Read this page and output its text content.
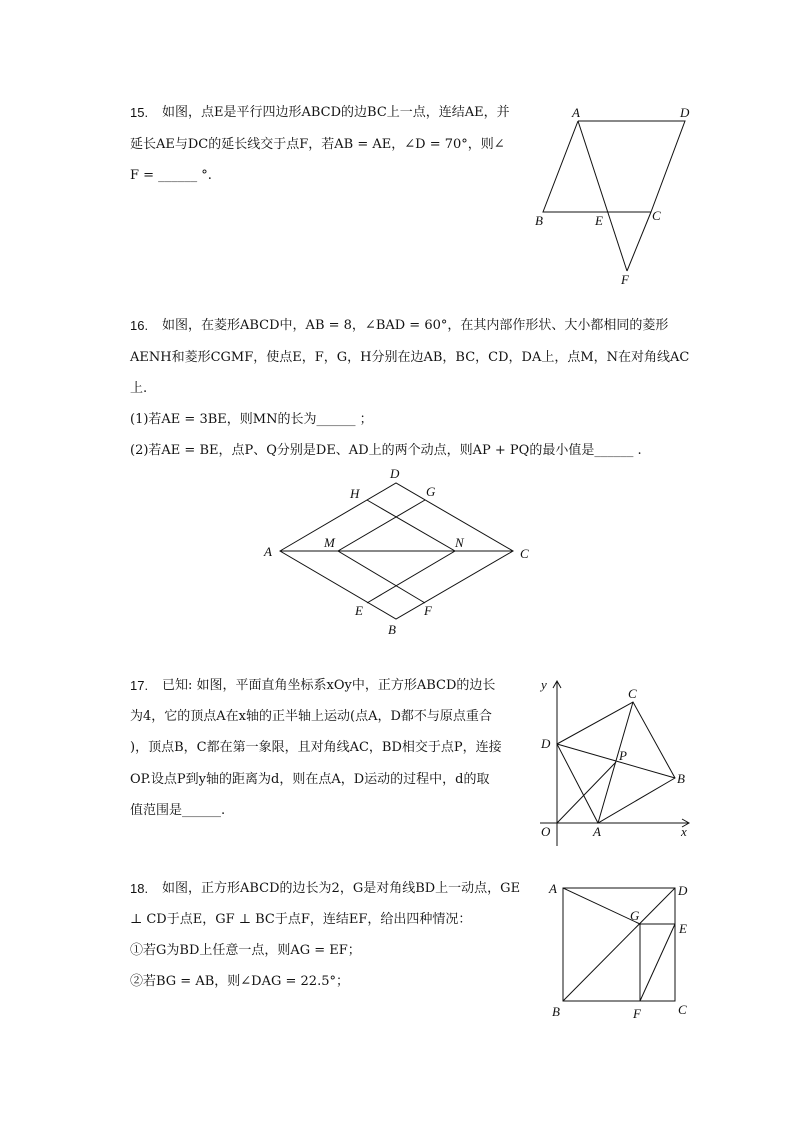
15. 如图，点E是平行四边形ABCD的边BC上一点，连结AE，并
延长AE与DC的延长线交于点F，若AB = AE，∠D = 70°，则∠
F = ______ °.
A	D
B	E	C
F
D
H	G
A
M	N
C
E	F
B
y
C
D
P
B
O	A	x
A	D
G
E
B	F	C
16. 如图，在菱形ABCD中，AB = 8，∠BAD = 60°，在其内部作形状、大小都相同的菱形
AENH和菱形CGMF，使点E，F，G，H分别在边AB，BC，CD，DA上，点M，N在对角线AC
上.
(1)若AE = 3BE，则MN的长为______ ；
(2)若AE = BE，点P、Q分别是DE、AD上的两个动点，则AP + PQ的最小值是______ .
17. 已知: 如图，平面直角坐标系xOy中，正方形ABCD的边长
为4，它的顶点A在x轴的正半轴上运动(点A，D都不与原点重合
)，顶点B，C都在第一象限，且对角线AC，BD相交于点P，连接
OP.设点P到y轴的距离为d，则在点A，D运动的过程中，d的取
值范围是______.
18. 如图，正方形ABCD的边长为2，G是对角线BD上一动点，GE
⊥ CD于点E，GF ⊥ BC于点F，连结EF，给出四种情况：
①若G为BD上任意一点，则AG = EF；
②若BG = AB，则∠DAG = 22.5°；
